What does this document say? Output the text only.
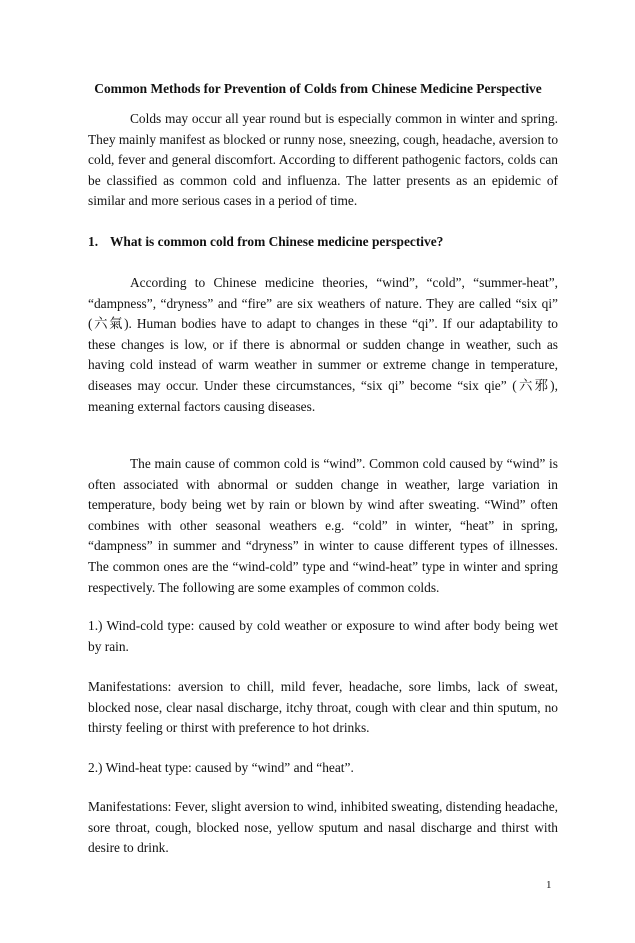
Common Methods for Prevention of Colds from Chinese Medicine Perspective

Colds may occur all year round but is especially common in winter and spring. They mainly manifest as blocked or runny nose, sneezing, cough, headache, aversion to cold, fever and general discomfort. According to different pathogenic factors, colds can be classified as common cold and influenza. The latter presents as an epidemic of similar and more serious cases in a period of time.

1. What is common cold from Chinese medicine perspective?

According to Chinese medicine theories, “wind”, “cold”, “summer-heat”, “dampness”, “dryness” and “fire” are six weathers of nature. They are called “six qi” (六氣). Human bodies have to adapt to changes in these “qi”. If our adaptability to these changes is low, or if there is abnormal or sudden change in weather, such as having cold instead of warm weather in summer or extreme change in temperature, diseases may occur. Under these circumstances, “six qi” become “six qie” (六邪), meaning external factors causing diseases.

The main cause of common cold is “wind”. Common cold caused by “wind” is often associated with abnormal or sudden change in weather, large variation in temperature, body being wet by rain or blown by wind after sweating. “Wind” often combines with other seasonal weathers e.g. “cold” in winter, “heat” in spring, “dampness” in summer and “dryness” in winter to cause different types of illnesses. The common ones are the “wind-cold” type and “wind-heat” type in winter and spring respectively. The following are some examples of common colds.

1.) Wind-cold type: caused by cold weather or exposure to wind after body being wet by rain.

Manifestations: aversion to chill, mild fever, headache, sore limbs, lack of sweat, blocked nose, clear nasal discharge, itchy throat, cough with clear and thin sputum, no thirsty feeling or thirst with preference to hot drinks.

2.) Wind-heat type: caused by “wind” and “heat”.

Manifestations: Fever, slight aversion to wind, inhibited sweating, distending headache, sore throat, cough, blocked nose, yellow sputum and nasal discharge and thirst with desire to drink.

1
